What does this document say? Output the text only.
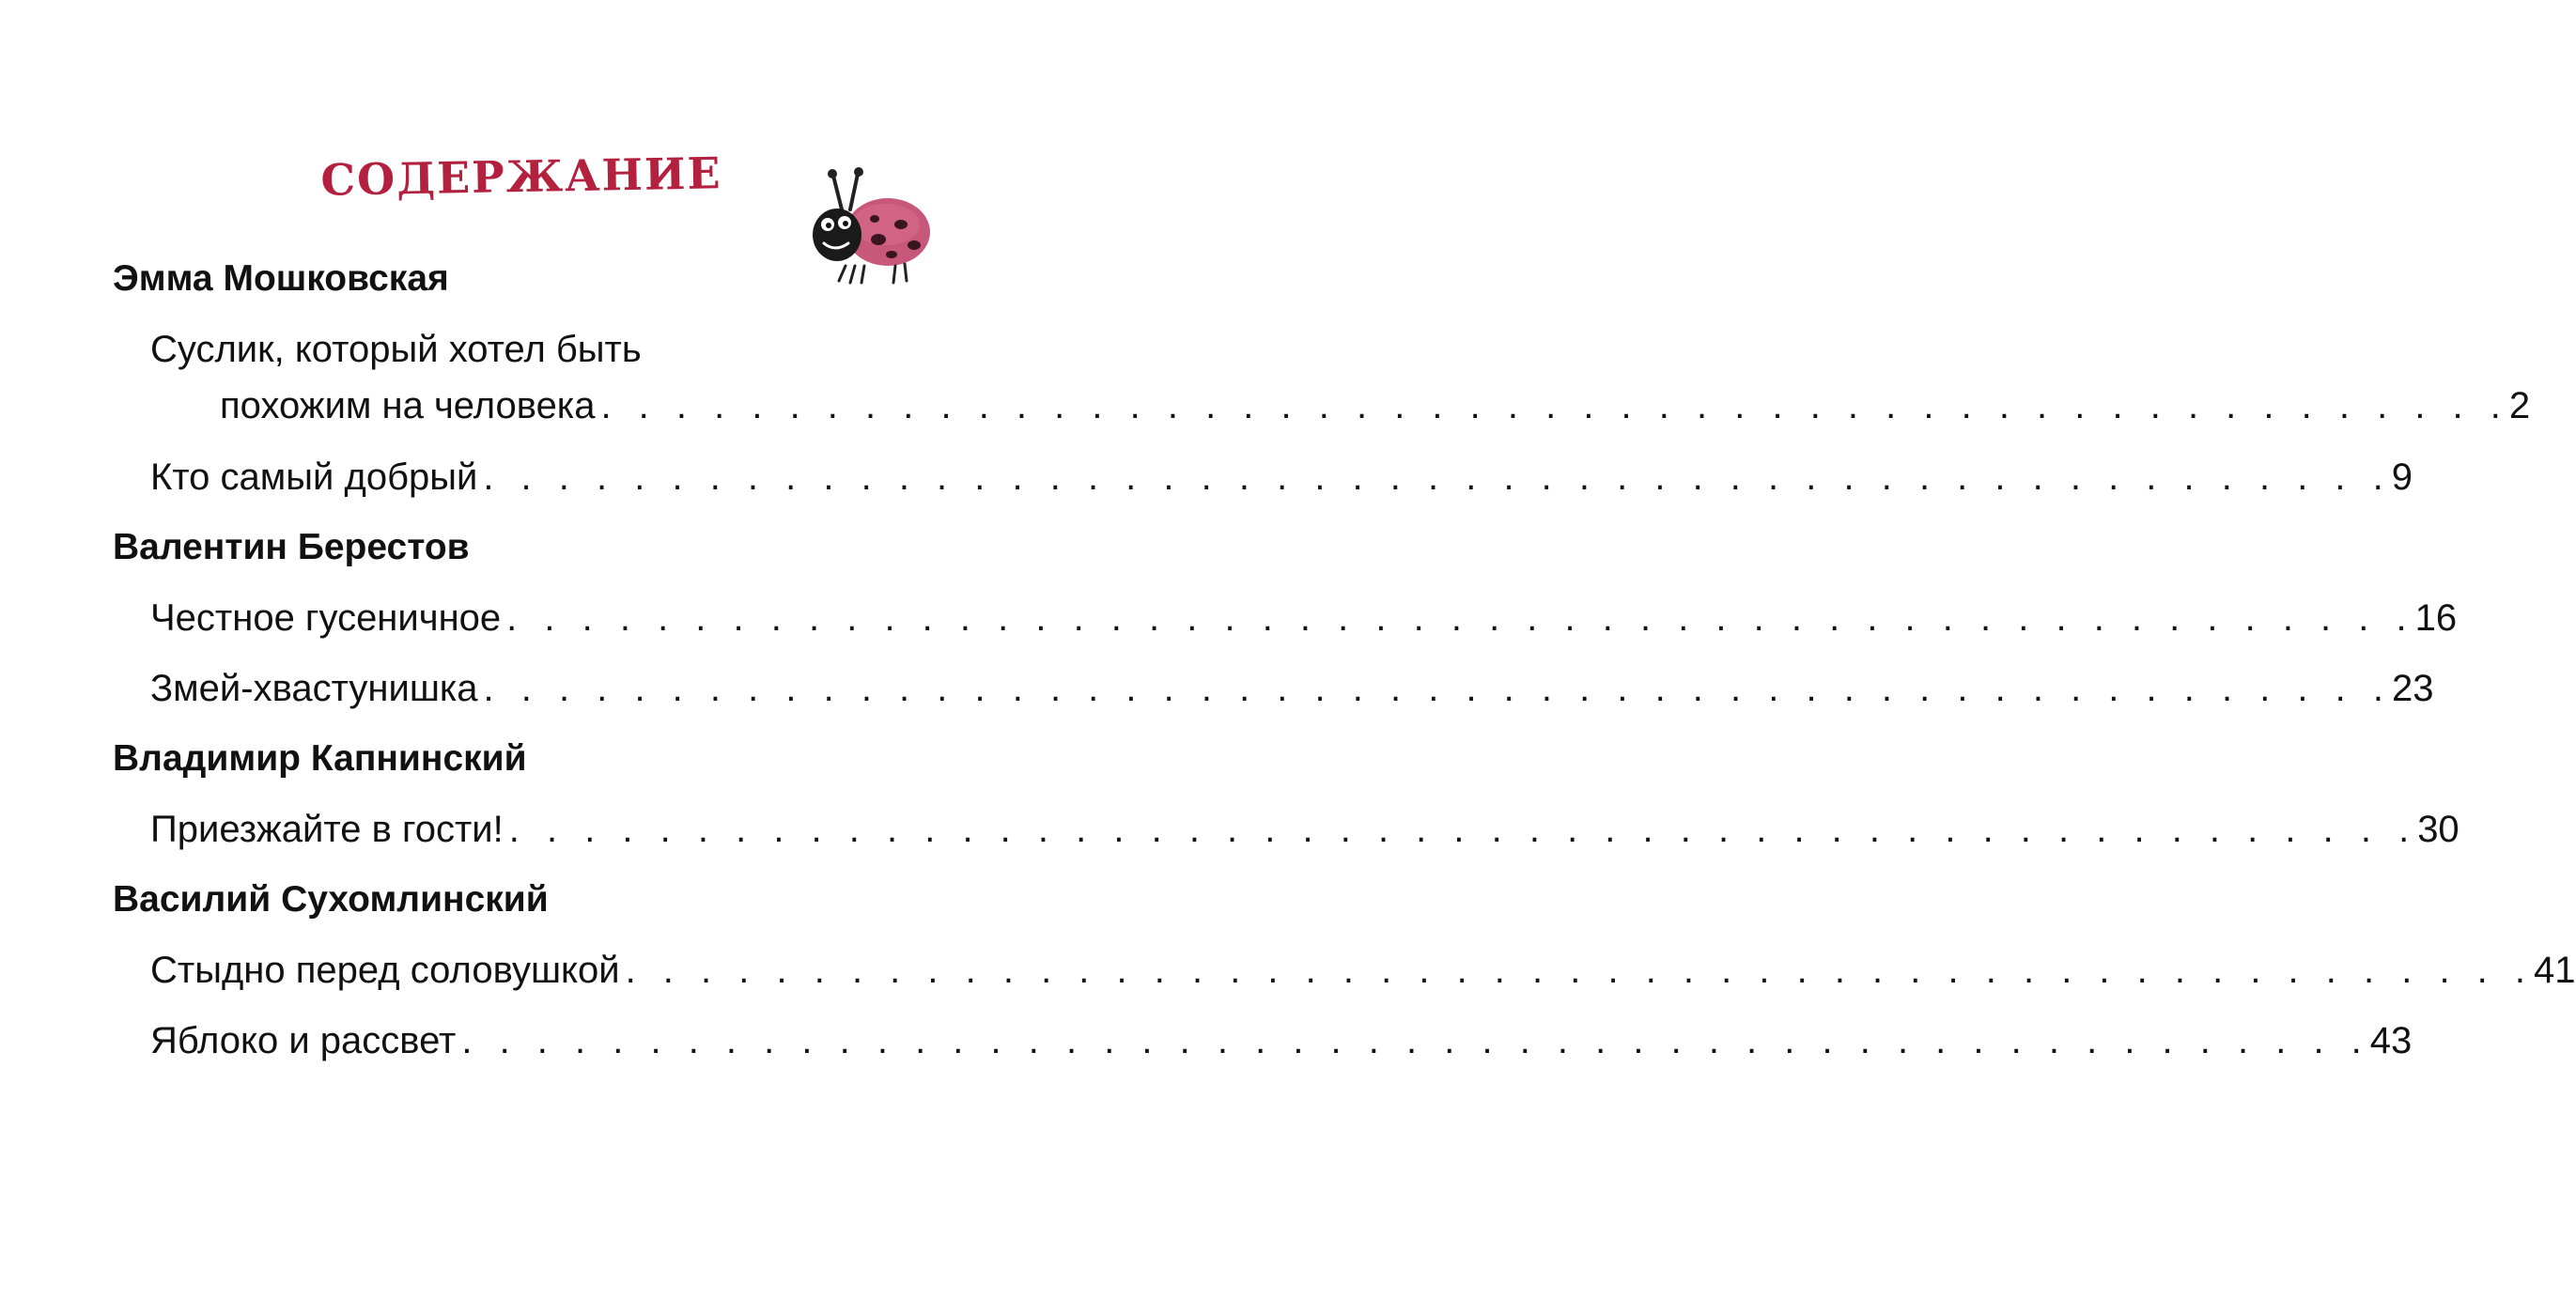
СОДЕРЖАНИЕ
Эмма Мошковская
Суслик, который хотел быть
похожим на человека . . . . . . . . . . . . . . . . . . . . . . . . . . . . . . . . . . . . . . . . . . . . . . . . . . . 2
Кто самый добрый . . . . . . . . . . . . . . . . . . . . . . . . . . . . . . . . . . . . . . . . . . . . . . . . . . . 9
Валентин Берестов
Честное гусеничное . . . . . . . . . . . . . . . . . . . . . . . . . . . . . . . . . . . . . . . . . . . . . . . . . . . 16
Змей-хвастунишка . . . . . . . . . . . . . . . . . . . . . . . . . . . . . . . . . . . . . . . . . . . . . . . . . . . 23
Владимир Капнинский
Приезжайте в гости! . . . . . . . . . . . . . . . . . . . . . . . . . . . . . . . . . . . . . . . . . . . . . . . . . . . 30
Василий Сухомлинский
Стыдно перед соловушкой . . . . . . . . . . . . . . . . . . . . . . . . . . . . . . . . . . . . . . . . . . . . . . . . . . . 41
Яблоко и рассвет . . . . . . . . . . . . . . . . . . . . . . . . . . . . . . . . . . . . . . . . . . . . . . . . . . . 43
